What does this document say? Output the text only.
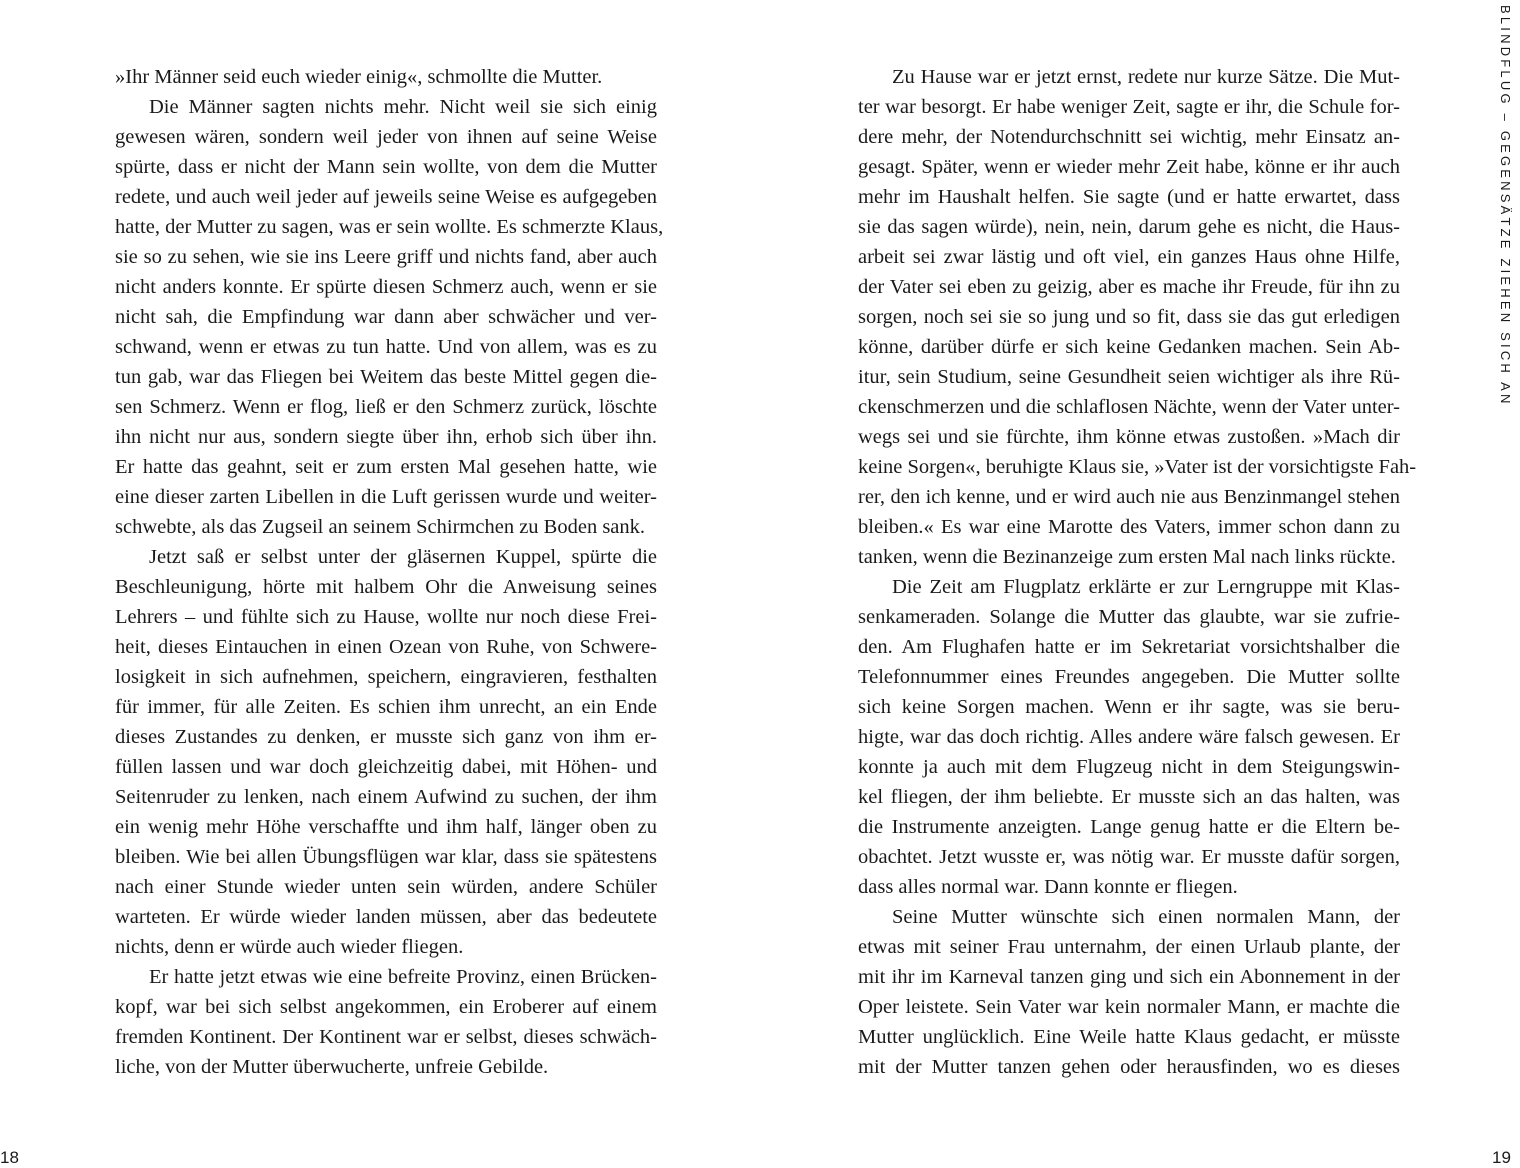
»Ihr Männer seid euch wieder einig«, schmollte die Mutter.
Die Männer sagten nichts mehr. Nicht weil sie sich einig
gewesen wären, sondern weil jeder von ihnen auf seine Weise
spürte, dass er nicht der Mann sein wollte, von dem die Mutter
redete, und auch weil jeder auf jeweils seine Weise es aufgegeben
hatte, der Mutter zu sagen, was er sein wollte. Es schmerzte Klaus,
sie so zu sehen, wie sie ins Leere griff und nichts fand, aber auch
nicht anders konnte. Er spürte diesen Schmerz auch, wenn er sie
nicht sah, die Empfindung war dann aber schwächer und ver-
schwand, wenn er etwas zu tun hatte. Und von allem, was es zu
tun gab, war das Fliegen bei Weitem das beste Mittel gegen die-
sen Schmerz. Wenn er flog, ließ er den Schmerz zurück, löschte
ihn nicht nur aus, sondern siegte über ihn, erhob sich über ihn.
Er hatte das geahnt, seit er zum ersten Mal gesehen hatte, wie
eine dieser zarten Libellen in die Luft gerissen wurde und weiter-
schwebte, als das Zugseil an seinem Schirmchen zu Boden sank.
Jetzt saß er selbst unter der gläsernen Kuppel, spürte die
Beschleunigung, hörte mit halbem Ohr die Anweisung seines
Lehrers – und fühlte sich zu Hause, wollte nur noch diese Frei-
heit, dieses Eintauchen in einen Ozean von Ruhe, von Schwere-
losigkeit in sich aufnehmen, speichern, eingravieren, festhalten
für immer, für alle Zeiten. Es schien ihm unrecht, an ein Ende
dieses Zustandes zu denken, er musste sich ganz von ihm er-
füllen lassen und war doch gleichzeitig dabei, mit Höhen- und
Seitenruder zu lenken, nach einem Aufwind zu suchen, der ihm
ein wenig mehr Höhe verschaffte und ihm half, länger oben zu
bleiben. Wie bei allen Übungsflügen war klar, dass sie spätestens
nach einer Stunde wieder unten sein würden, andere Schüler
warteten. Er würde wieder landen müssen, aber das bedeutete
nichts, denn er würde auch wieder fliegen.
Er hatte jetzt etwas wie eine befreite Provinz, einen Brücken-
kopf, war bei sich selbst angekommen, ein Eroberer auf einem
fremden Kontinent. Der Kontinent war er selbst, dieses schwäch-
liche, von der Mutter überwucherte, unfreie Gebilde.
Zu Hause war er jetzt ernst, redete nur kurze Sätze. Die Mut-
ter war besorgt. Er habe weniger Zeit, sagte er ihr, die Schule for-
dere mehr, der Notendurchschnitt sei wichtig, mehr Einsatz an-
gesagt. Später, wenn er wieder mehr Zeit habe, könne er ihr auch
mehr im Haushalt helfen. Sie sagte (und er hatte erwartet, dass
sie das sagen würde), nein, nein, darum gehe es nicht, die Haus-
arbeit sei zwar lästig und oft viel, ein ganzes Haus ohne Hilfe,
der Vater sei eben zu geizig, aber es mache ihr Freude, für ihn zu
sorgen, noch sei sie so jung und so fit, dass sie das gut erledigen
könne, darüber dürfe er sich keine Gedanken machen. Sein Ab-
itur, sein Studium, seine Gesundheit seien wichtiger als ihre Rü-
ckenschmerzen und die schlaflosen Nächte, wenn der Vater unter-
wegs sei und sie fürchte, ihm könne etwas zustoßen. »Mach dir
keine Sorgen«, beruhigte Klaus sie, »Vater ist der vorsichtigste Fah-
rer, den ich kenne, und er wird auch nie aus Benzinmangel stehen
bleiben.« Es war eine Marotte des Vaters, immer schon dann zu
tanken, wenn die Bezinanzeige zum ersten Mal nach links rückte.
Die Zeit am Flugplatz erklärte er zur Lerngruppe mit Klas-
senkameraden. Solange die Mutter das glaubte, war sie zufrie-
den. Am Flughafen hatte er im Sekretariat vorsichtshalber die
Telefonnummer eines Freundes angegeben. Die Mutter sollte
sich keine Sorgen machen. Wenn er ihr sagte, was sie beru-
higte, war das doch richtig. Alles andere wäre falsch gewesen. Er
konnte ja auch mit dem Flugzeug nicht in dem Steigungswin-
kel fliegen, der ihm beliebte. Er musste sich an das halten, was
die Instrumente anzeigten. Lange genug hatte er die Eltern be-
obachtet. Jetzt wusste er, was nötig war. Er musste dafür sorgen,
dass alles normal war. Dann konnte er fliegen.
Seine Mutter wünschte sich einen normalen Mann, der
etwas mit seiner Frau unternahm, der einen Urlaub plante, der
mit ihr im Karneval tanzen ging und sich ein Abonnement in der
Oper leistete. Sein Vater war kein normaler Mann, er machte die
Mutter unglücklich. Eine Weile hatte Klaus gedacht, er müsste
mit der Mutter tanzen gehen oder herausfinden, wo es dieses
18	19
BLINDFLUG – GEGENSÄTZE ZIEHEN SICH AN
